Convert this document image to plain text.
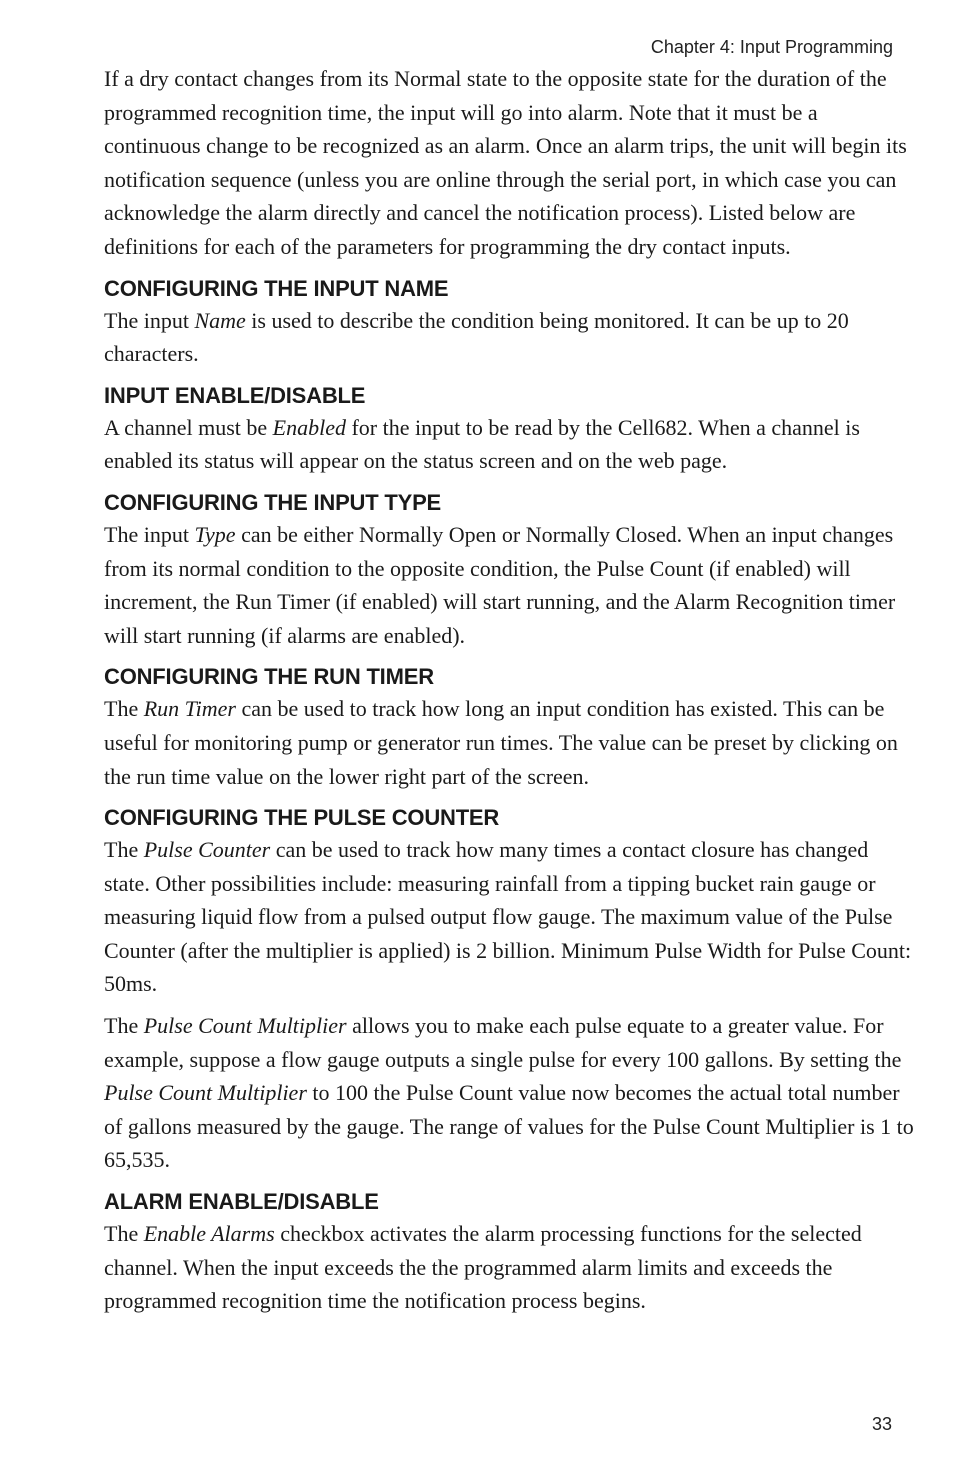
Chapter 4: Input Programming

If a dry contact changes from its Normal state to the opposite state for the duration of the programmed recognition time, the input will go into alarm. Note that it must be a continuous change to be recognized as an alarm. Once an alarm trips, the unit will begin its notification sequence (unless you are online through the serial port, in which case you can acknowledge the alarm directly and cancel the notification process). Listed below are definitions for each of the parameters for programming the dry contact inputs.

CONFIGURING THE INPUT NAME

The input Name is used to describe the condition being monitored. It can be up to 20 characters.

INPUT ENABLE/DISABLE

A channel must be Enabled for the input to be read by the Cell682. When a channel is enabled its status will appear on the status screen and on the web page.

CONFIGURING THE INPUT TYPE

The input Type can be either Normally Open or Normally Closed. When an input changes from its normal condition to the opposite condition, the Pulse Count (if enabled) will increment, the Run Timer (if enabled) will start running, and the Alarm Recognition timer will start running (if alarms are enabled).

CONFIGURING THE RUN TIMER

The Run Timer can be used to track how long an input condition has existed. This can be useful for monitoring pump or generator run times. The value can be preset by clicking on the run time value on the lower right part of the screen.

CONFIGURING THE PULSE COUNTER

The Pulse Counter can be used to track how many times a contact closure has changed state. Other possibilities include: measuring rainfall from a tipping bucket rain gauge or measuring liquid flow from a pulsed output flow gauge. The maximum value of the Pulse Counter (after the multiplier is applied) is 2 billion. Minimum Pulse Width for Pulse Count: 50ms.

The Pulse Count Multiplier allows you to make each pulse equate to a greater value. For example, suppose a flow gauge outputs a single pulse for every 100 gallons. By setting the Pulse Count Multiplier to 100 the Pulse Count value now becomes the actual total number of gallons measured by the gauge. The range of values for the Pulse Count Multiplier is 1 to 65,535.

ALARM ENABLE/DISABLE

The Enable Alarms checkbox activates the alarm processing functions for the selected channel. When the input exceeds the the programmed alarm limits and exceeds the programmed recognition time the notification process begins.

33
